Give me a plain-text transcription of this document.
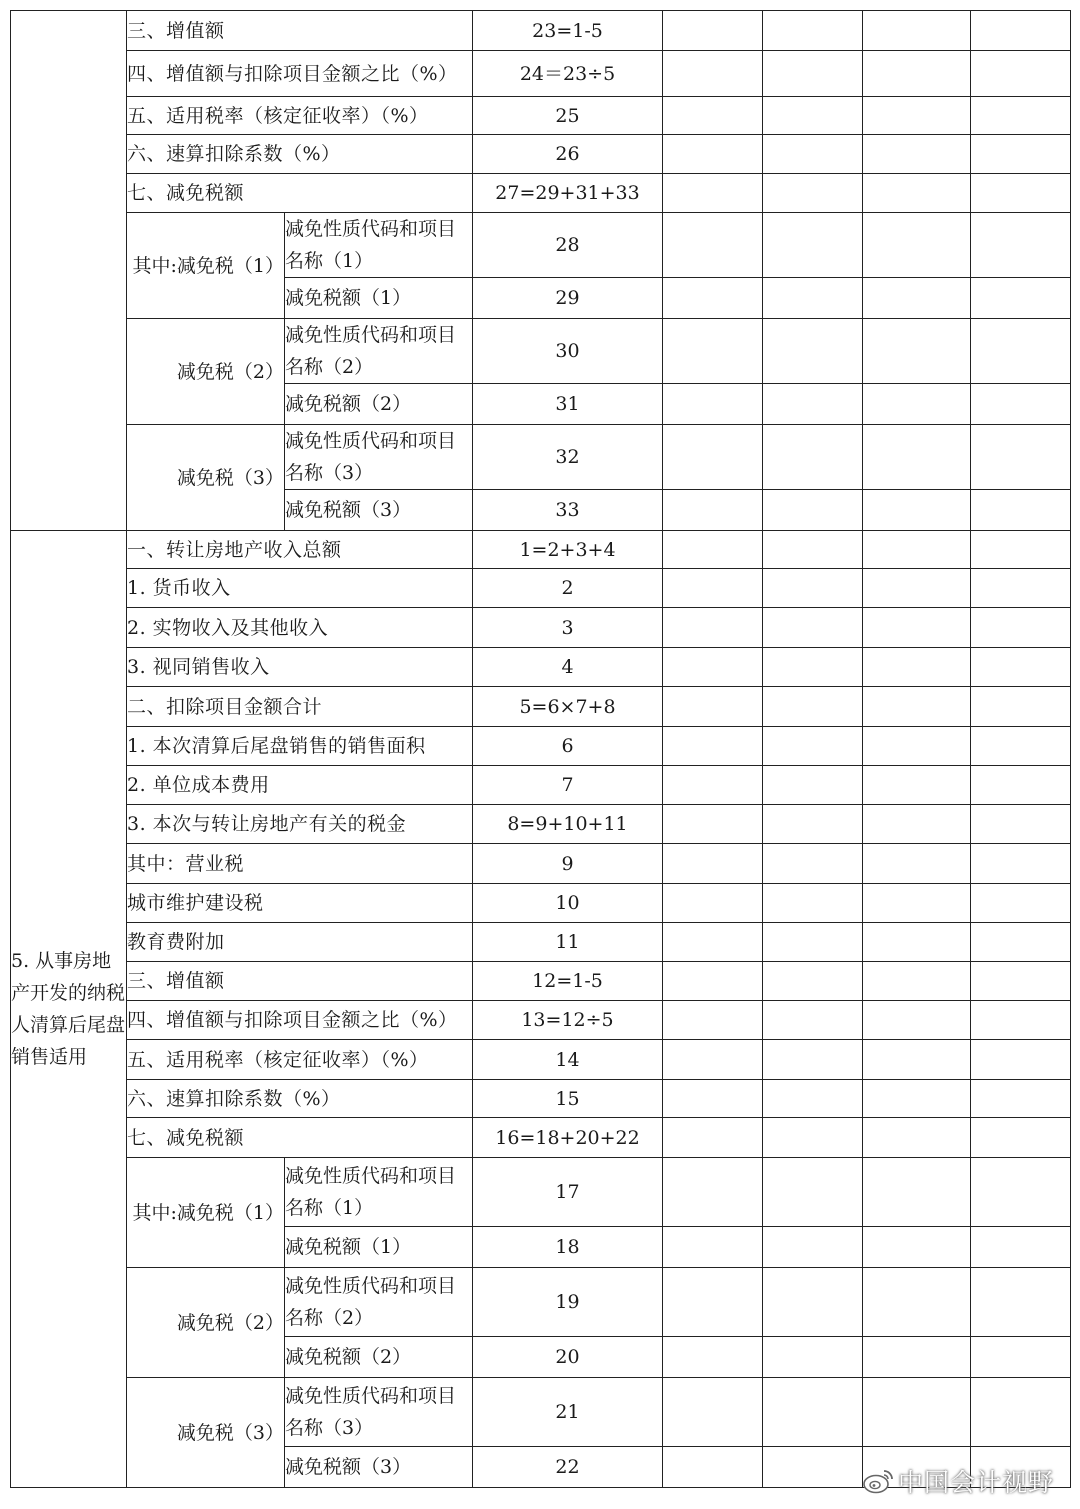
	三、增值额		23=1-5				
	四、增值额与扣除项目金额之比（%）		24＝23÷5				
	五、适用税率（核定征收率）（%）		25				
	六、速算扣除系数（%）		26				
	七、减免税额		27=29+31+33				
	其中:减免税（1）	减免性质代码和项目名称（1）	28				
		减免税额（1）	29				
	减免税（2）	减免性质代码和项目名称（2）	30				
		减免税额（2）	31				
	减免税（3）	减免性质代码和项目名称（3）	32				
		减免税额（3）	33				
5. 从事房地产开发的纳税人清算后尾盘销售适用	一、转让房地产收入总额		1=2+3+4				
	1. 货币收入		2				
	2. 实物收入及其他收入		3				
	3. 视同销售收入		4				
	二、扣除项目金额合计		5=6×7+8				
	1. 本次清算后尾盘销售的销售面积		6				
	2. 单位成本费用		7				
	3. 本次与转让房地产有关的税金		8=9+10+11				
	其中：营业税		9				
	城市维护建设税		10				
	教育费附加		11				
	三、增值额		12=1-5				
	四、增值额与扣除项目金额之比（%）		13=12÷5				
	五、适用税率（核定征收率）（%）		14				
	六、速算扣除系数（%）		15				
	七、减免税额		16=18+20+22				
	其中:减免税（1）	减免性质代码和项目名称（1）	17				
		减免税额（1）	18				
	减免税（2）	减免性质代码和项目名称（2）	19				
		减免税额（2）	20				
	减免税（3）	减免性质代码和项目名称（3）	21				
		减免税额（3）	22				
中国会计视野
